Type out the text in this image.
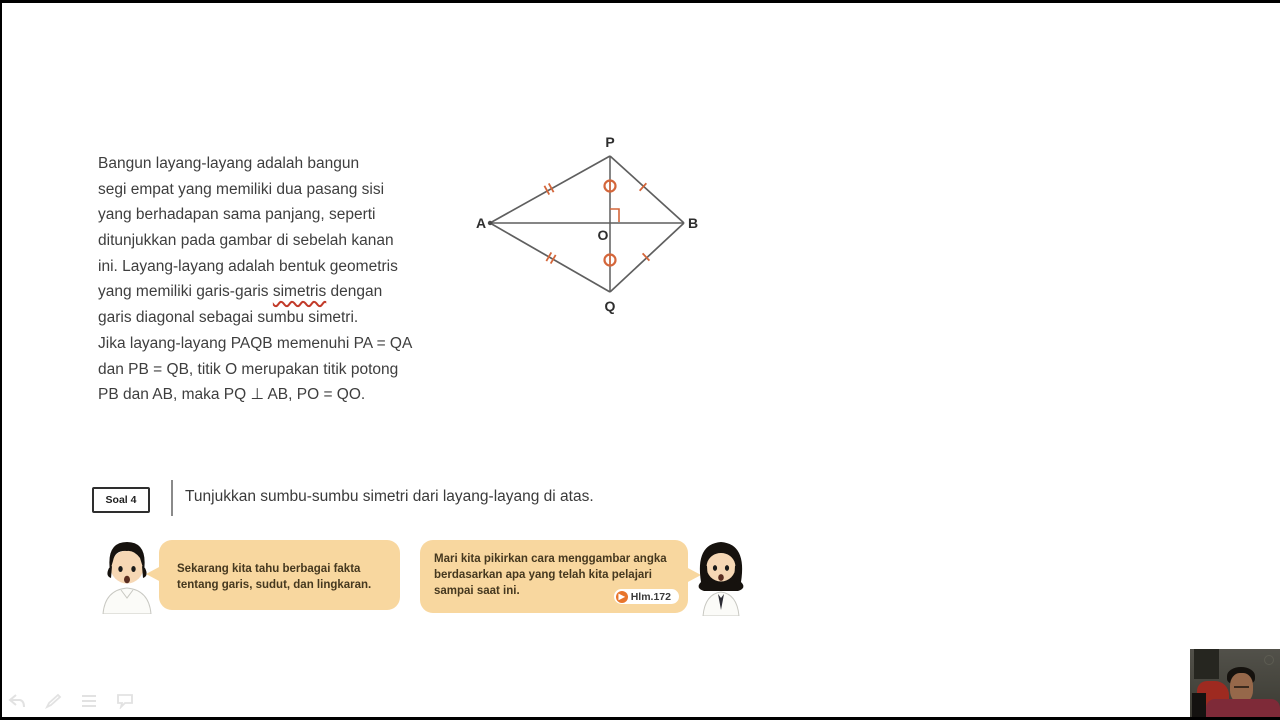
Bangun layang-layang adalah bangun
segi empat yang memiliki dua pasang sisi
yang berhadapan sama panjang, seperti
ditunjukkan pada gambar di sebelah kanan
ini. Layang-layang adalah bentuk geometris
yang memiliki garis-garis simetris dengan
garis diagonal sebagai sumbu simetri.
Jika layang-layang PAQB memenuhi PA = QA
dan PB = QB, titik O merupakan titik potong
PB dan AB, maka PQ ⊥ AB, PO = QO.
P
A	B
O
Q
Soal 4	Tunjukkan sumbu-sumbu simetri dari layang-layang di atas.
Sekarang kita tahu berbagai fakta
tentang garis, sudut, dan lingkaran.
Mari kita pikirkan cara menggambar angka
berdasarkan apa yang telah kita pelajari
sampai saat ini.	▶ Hlm.172
